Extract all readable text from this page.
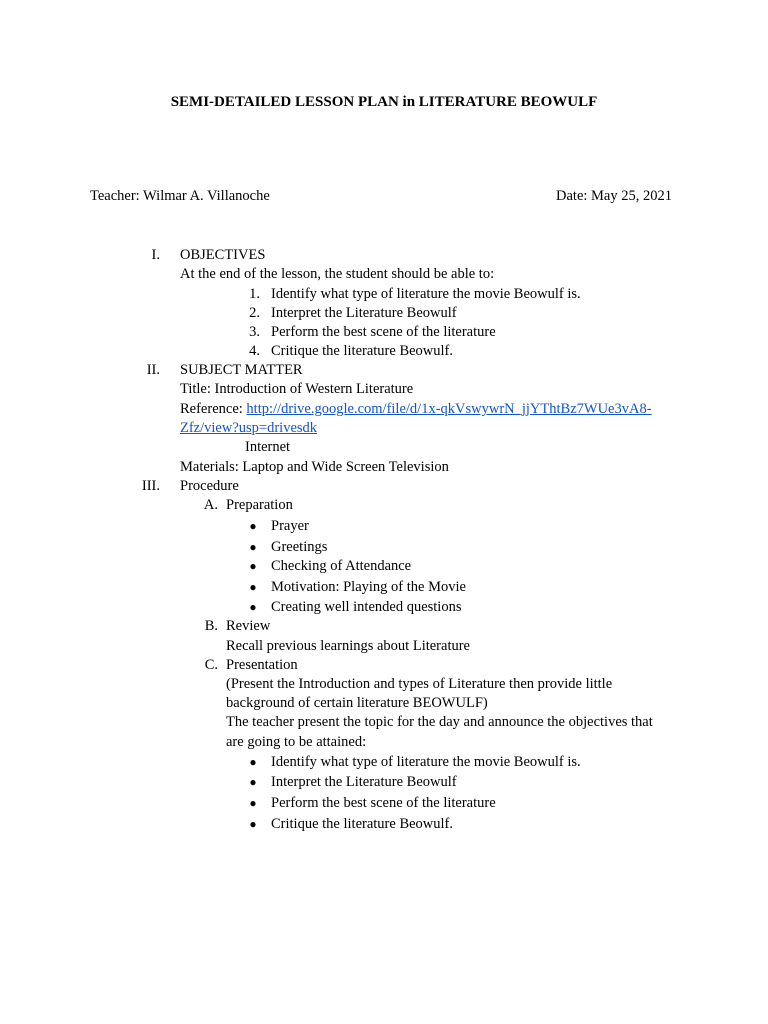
SEMI-DETAILED LESSON PLAN in LITERATURE BEOWULF
Teacher: Wilmar A. Villanoche	Date: May 25, 2021
I. OBJECTIVES
At the end of the lesson, the student should be able to:
1. Identify what type of literature the movie Beowulf is.
2. Interpret the Literature Beowulf
3. Perform the best scene of the literature
4. Critique the literature Beowulf.
II. SUBJECT MATTER
Title: Introduction of Western Literature
Reference: http://drive.google.com/file/d/1x-qkVswywrN_jjYThtBz7WUe3vA8-
Zfz/view?usp=drivesdk
Internet
Materials: Laptop and Wide Screen Television
III. Procedure
A. Preparation
● Prayer
● Greetings
● Checking of Attendance
● Motivation: Playing of the Movie
● Creating well intended questions
B. Review
Recall previous learnings about Literature
C. Presentation
(Present the Introduction and types of Literature then provide little
background of certain literature BEOWULF)
The teacher present the topic for the day and announce the objectives that
are going to be attained:
● Identify what type of literature the movie Beowulf is.
● Interpret the Literature Beowulf
● Perform the best scene of the literature
● Critique the literature Beowulf.
